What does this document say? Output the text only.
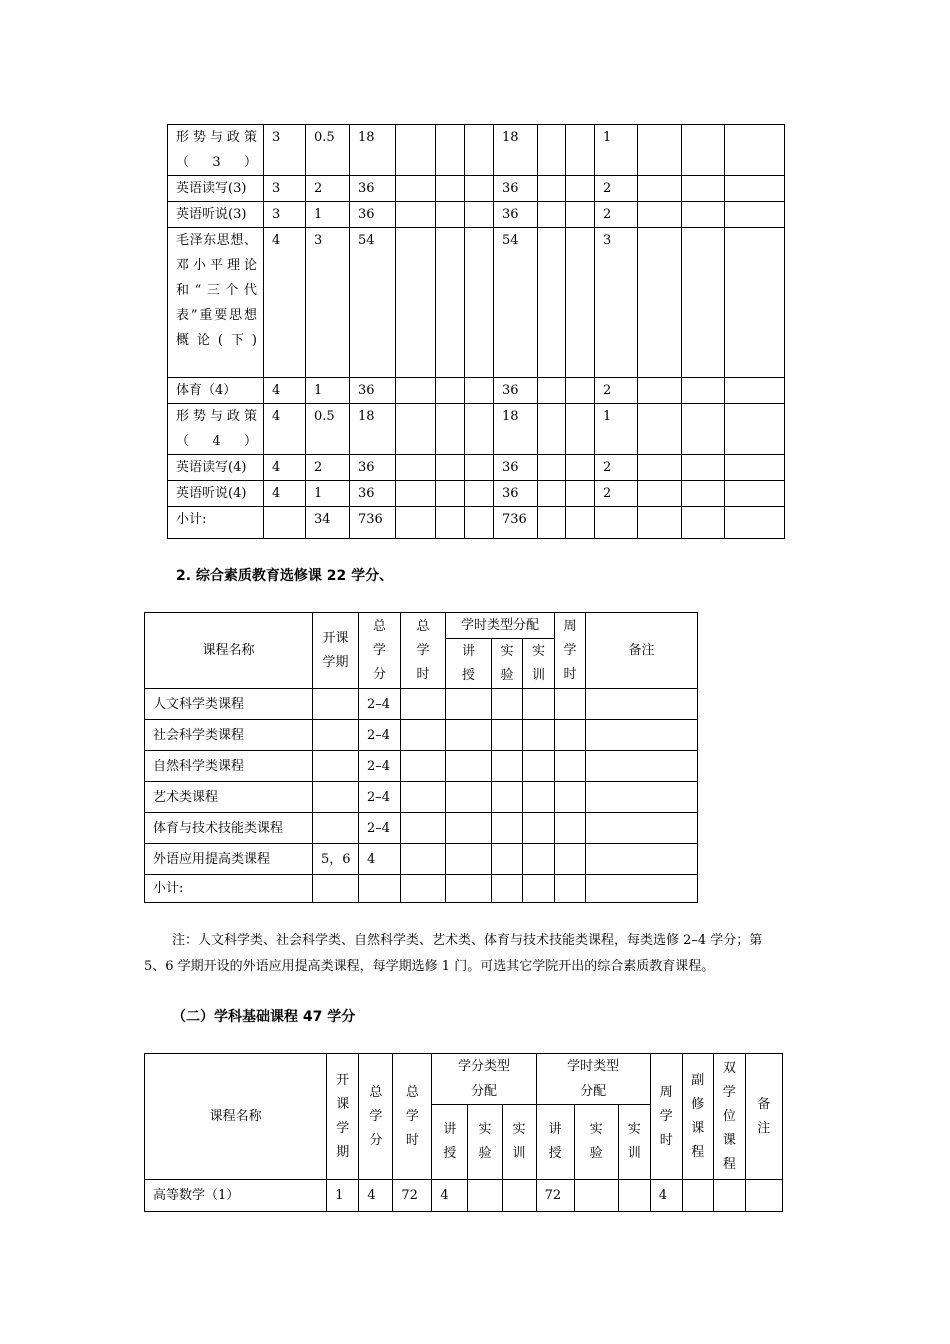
形势与政策（3）	3	0.5	18				18			1			
英语读写(3)	3	2	36				36			2			
英语听说(3)	3	1	36				36			2			
毛泽东思想、邓小平理论和“三个代表”重要思想概论(下)	4	3	54				54			3			
体育（4）	4	1	36				36			2			
形势与政策（4）	4	0.5	18				18			1			
英语读写(4)	4	2	36				36			2			
英语听说(4)	4	1	36				36			2			
小计:		34	736				736						
2. 综合素质教育选修课 22 学分、
课程名称	开课学期	总学分	总学时	学时类型分配			周学时	备注

				讲授	实验	实训		

人文科学类课程		2–4						
社会科学类课程		2–4						
自然科学类课程		2–4						
艺术类课程		2–4						
体育与技术技能类课程		2–4						
外语应用提高类课程	5，6	4						
小计:								

注：人文科学类、社会科学类、自然科学类、艺术类、体育与技术技能类课程，每类选修 2–4 学分；第 5、6 学期开设的外语应用提高类课程，每学期选修 1 门。可选其它学院开出的综合素质教育课程。

（二）学科基础课程 47 学分
课程名称	开课学期	总学分	总学时	学分类型分配			学时类型分配			周学时	副修课程	双学位课程	备注

				讲授	实验	实训	讲授	实验	实训				

高等数学（1）	1	4	72	4			72			4			
